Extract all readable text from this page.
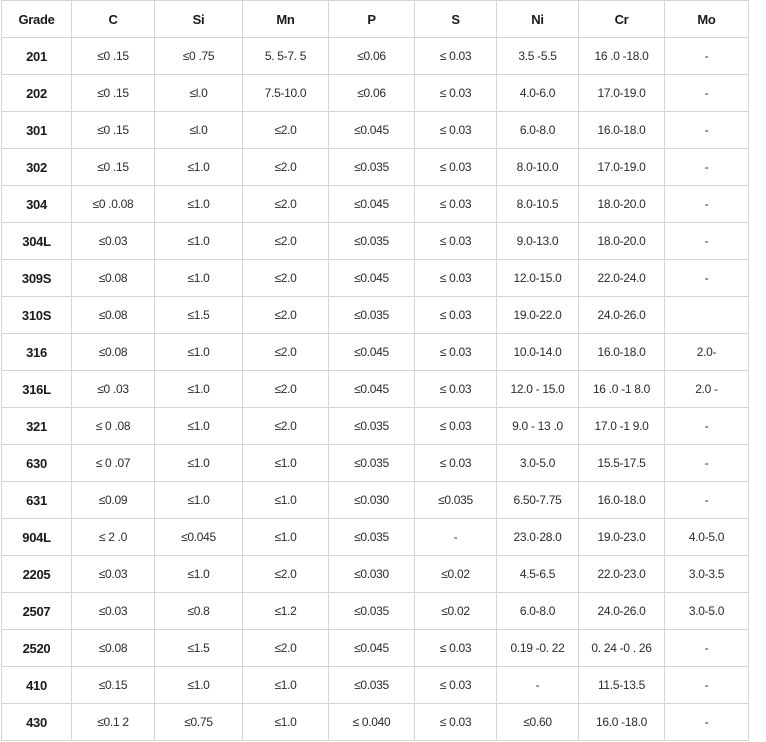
Grade	C	Si	Mn	P	S	Ni	Cr	Mo
201	≤0 .15	≤0 .75	5. 5-7. 5	≤0.06	≤ 0.03	3.5 -5.5	16 .0 -18.0	-
202	≤0 .15	≤l.0	7.5-10.0	≤0.06	≤ 0.03	4.0-6.0	17.0-19.0	-
301	≤0 .15	≤l.0	≤2.0	≤0.045	≤ 0.03	6.0-8.0	16.0-18.0	-
302	≤0 .15	≤1.0	≤2.0	≤0.035	≤ 0.03	8.0-10.0	17.0-19.0	-
304	≤0 .0.08	≤1.0	≤2.0	≤0.045	≤ 0.03	8.0-10.5	18.0-20.0	-
304L	≤0.03	≤1.0	≤2.0	≤0.035	≤ 0.03	9.0-13.0	18.0-20.0	-
309S	≤0.08	≤1.0	≤2.0	≤0.045	≤ 0.03	12.0-15.0	22.0-24.0	-
310S	≤0.08	≤1.5	≤2.0	≤0.035	≤ 0.03	19.0-22.0	24.0-26.0	
316	≤0.08	≤1.0	≤2.0	≤0.045	≤ 0.03	10.0-14.0	16.0-18.0	2.0-
316L	≤0 .03	≤1.0	≤2.0	≤0.045	≤ 0.03	12.0 - 15.0	16 .0 -1 8.0	2.0 -
321	≤ 0 .08	≤1.0	≤2.0	≤0.035	≤ 0.03	9.0 - 13 .0	17.0 -1 9.0	-
630	≤ 0 .07	≤1.0	≤1.0	≤0.035	≤ 0.03	3.0-5.0	15.5-17.5	-
631	≤0.09	≤1.0	≤1.0	≤0.030	≤0.035	6.50-7.75	16.0-18.0	-
904L	≤ 2 .0	≤0.045	≤1.0	≤0.035	-	23.0·28.0	19.0-23.0	4.0-5.0
2205	≤0.03	≤1.0	≤2.0	≤0.030	≤0.02	4.5-6.5	22.0-23.0	3.0-3.5
2507	≤0.03	≤0.8	≤1.2	≤0.035	≤0.02	6.0-8.0	24.0-26.0	3.0-5.0
2520	≤0.08	≤1.5	≤2.0	≤0.045	≤ 0.03	0.19 -0. 22	0. 24 -0 . 26	-
410	≤0.15	≤1.0	≤1.0	≤0.035	≤ 0.03	-	11.5-13.5	-
430	≤0.1 2	≤0.75	≤1.0	≤ 0.040	≤ 0.03	≤0.60	16.0 -18.0	-
